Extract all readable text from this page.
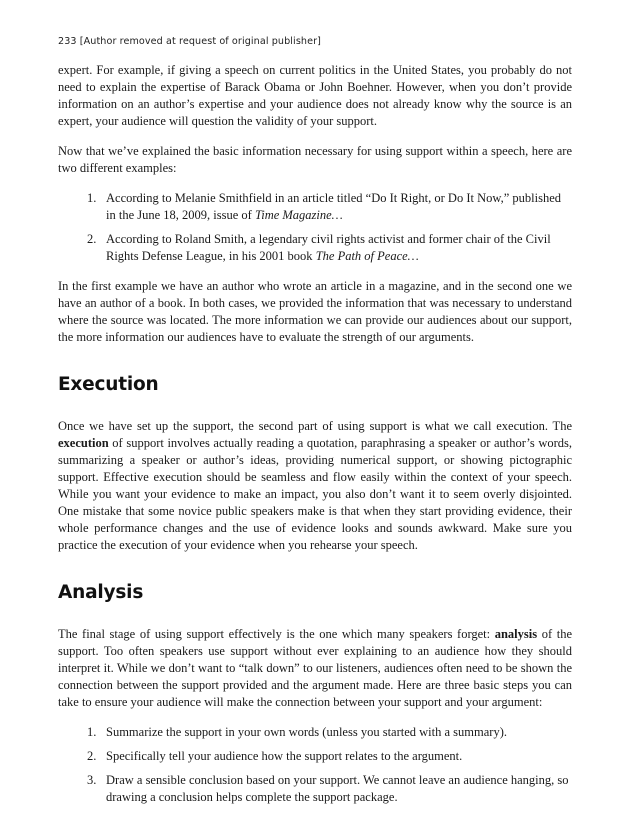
233 [Author removed at request of original publisher]

expert. For example, if giving a speech on current politics in the United States, you probably do not need to explain the expertise of Barack Obama or John Boehner. However, when you don’t provide information on an author’s expertise and your audience does not already know why the source is an expert, your audience will question the validity of your support.

Now that we’ve explained the basic information necessary for using support within a speech, here are two different examples:

1. According to Melanie Smithfield in an article titled “Do It Right, or Do It Now,” published in the June 18, 2009, issue of Time Magazine…
2. According to Roland Smith, a legendary civil rights activist and former chair of the Civil Rights Defense League, in his 2001 book The Path of Peace…

In the first example we have an author who wrote an article in a magazine, and in the second one we have an author of a book. In both cases, we provided the information that was necessary to understand where the source was located. The more information we can provide our audiences about our support, the more information our audiences have to evaluate the strength of our arguments.

Execution

Once we have set up the support, the second part of using support is what we call execution. The execution of support involves actually reading a quotation, paraphrasing a speaker or author’s words, summarizing a speaker or author’s ideas, providing numerical support, or showing pictographic support. Effective execution should be seamless and flow easily within the context of your speech. While you want your evidence to make an impact, you also don’t want it to seem overly disjointed. One mistake that some novice public speakers make is that when they start providing evidence, their whole performance changes and the use of evidence looks and sounds awkward. Make sure you practice the execution of your evidence when you rehearse your speech.

Analysis

The final stage of using support effectively is the one which many speakers forget: analysis of the support. Too often speakers use support without ever explaining to an audience how they should interpret it. While we don’t want to “talk down” to our listeners, audiences often need to be shown the connection between the support provided and the argument made. Here are three basic steps you can take to ensure your audience will make the connection between your support and your argument:

1. Summarize the support in your own words (unless you started with a summary).
2. Specifically tell your audience how the support relates to the argument.
3. Draw a sensible conclusion based on your support. We cannot leave an audience hanging, so drawing a conclusion helps complete the support package.
